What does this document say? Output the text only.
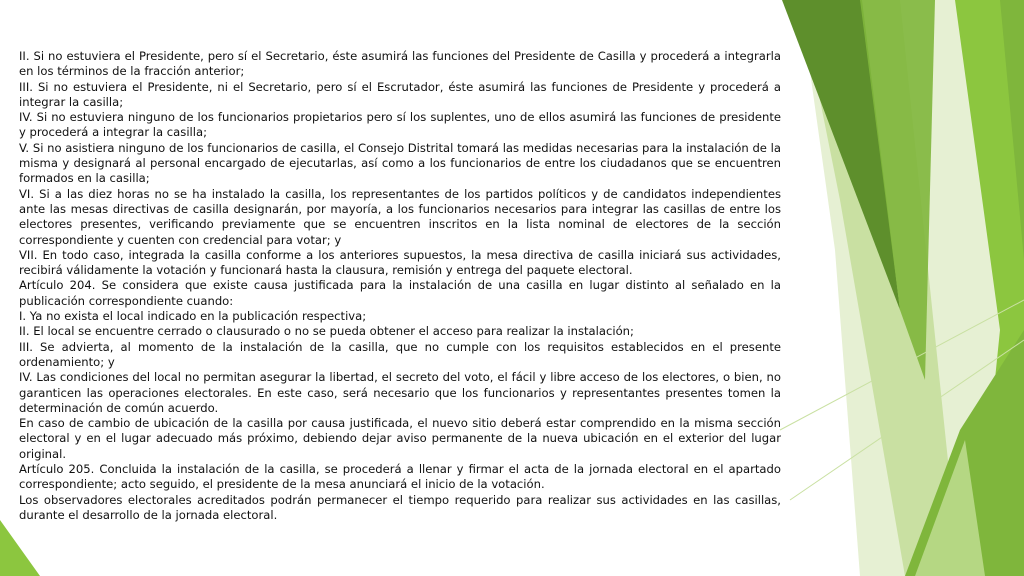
II. Si no estuviera el Presidente, pero sí el Secretario, éste asumirá las funciones del Presidente de Casilla y procederá a integrarla en los términos de la fracción anterior;

III. Si no estuviera el Presidente, ni el Secretario, pero sí el Escrutador, éste asumirá las funciones de Presidente y procederá a integrar la casilla;

IV. Si no estuviera ninguno de los funcionarios propietarios pero sí los suplentes, uno de ellos asumirá las funciones de presidente y procederá a integrar la casilla;

V. Si no asistiera ninguno de los funcionarios de casilla, el Consejo Distrital tomará las medidas necesarias para la instalación de la misma y designará al personal encargado de ejecutarlas, así como a los funcionarios de entre los ciudadanos que se encuentren formados en la casilla;

VI. Si a las diez horas no se ha instalado la casilla, los representantes de los partidos políticos y de candidatos independientes ante las mesas directivas de casilla designarán, por mayoría, a los funcionarios necesarios para integrar las casillas de entre los electores presentes, verificando previamente que se encuentren inscritos en la lista nominal de electores de la sección correspondiente y cuenten con credencial para votar; y

VII. En todo caso, integrada la casilla conforme a los anteriores supuestos, la mesa directiva de casilla iniciará sus actividades, recibirá válidamente la votación y funcionará hasta la clausura, remisión y entrega del paquete electoral.

Artículo 204. Se considera que existe causa justificada para la instalación de una casilla en lugar distinto al señalado en la publicación correspondiente cuando:

I. Ya no exista el local indicado en la publicación respectiva;

II. El local se encuentre cerrado o clausurado o no se pueda obtener el acceso para realizar la instalación;

III. Se advierta, al momento de la instalación de la casilla, que no cumple con los requisitos establecidos en el presente ordenamiento; y

IV. Las condiciones del local no permitan asegurar la libertad, el secreto del voto, el fácil y libre acceso de los electores, o bien, no garanticen las operaciones electorales. En este caso, será necesario que los funcionarios y representantes presentes tomen la determinación de común acuerdo.

En caso de cambio de ubicación de la casilla por causa justificada, el nuevo sitio deberá estar comprendido en la misma sección electoral y en el lugar adecuado más próximo, debiendo dejar aviso permanente de la nueva ubicación en el exterior del lugar original.

Artículo 205. Concluida la instalación de la casilla, se procederá a llenar y firmar el acta de la jornada electoral en el apartado correspondiente; acto seguido, el presidente de la mesa anunciará el inicio de la votación.

Los observadores electorales acreditados podrán permanecer el tiempo requerido para realizar sus actividades en las casillas, durante el desarrollo de la jornada electoral.
